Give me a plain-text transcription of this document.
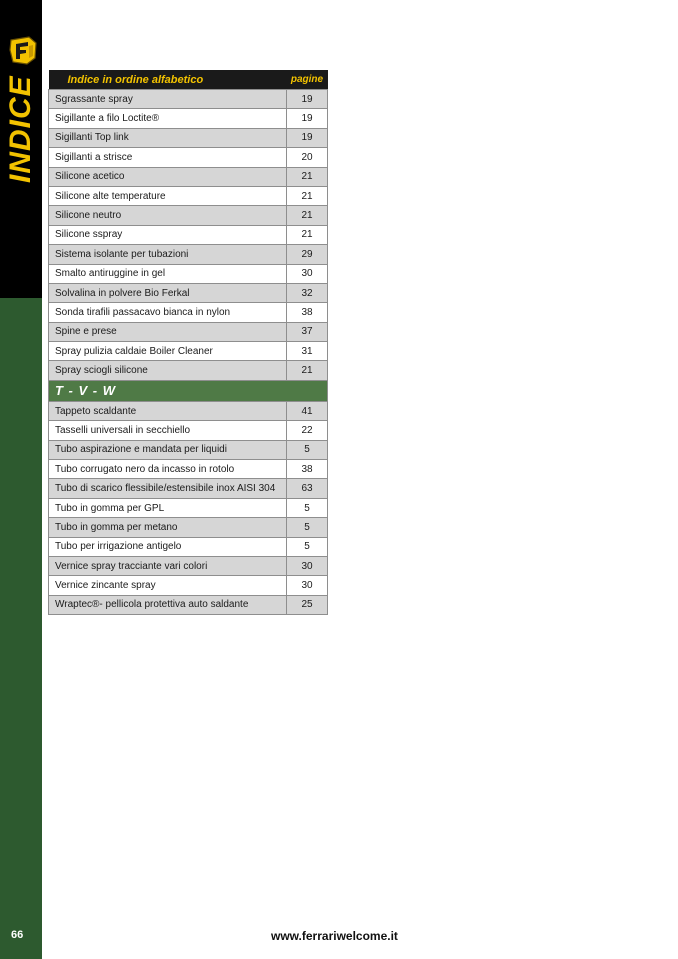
INDICE
66	www.ferrariwelcome.it
Indice in ordine alfabetico	pagine
Sgrassante spray	19
Sigillante a filo Loctite®	19
Sigillanti Top link	19
Sigillanti a strisce	20
Silicone acetico	21
Silicone alte temperature	21
Silicone neutro	21
Silicone sspray	21
Sistema isolante per tubazioni	29
Smalto antiruggine in gel	30
Solvalina in polvere Bio Ferkal	32
Sonda tirafili passacavo bianca in nylon	38
Spine e prese	37
Spray pulizia caldaie Boiler Cleaner	31
Spray sciogli silicone	21
T - V - W	
Tappeto scaldante	41
Tasselli universali in secchiello	22
Tubo aspirazione e mandata per liquidi	5
Tubo corrugato nero da incasso in rotolo	38
Tubo di scarico flessibile/estensibile inox AISI 304	63
Tubo in gomma per GPL	5
Tubo in gomma per metano	5
Tubo per irrigazione antigelo	5
Vernice spray tracciante vari colori	30
Vernice zincante spray	30
Wraptec®- pellicola protettiva auto saldante	25
